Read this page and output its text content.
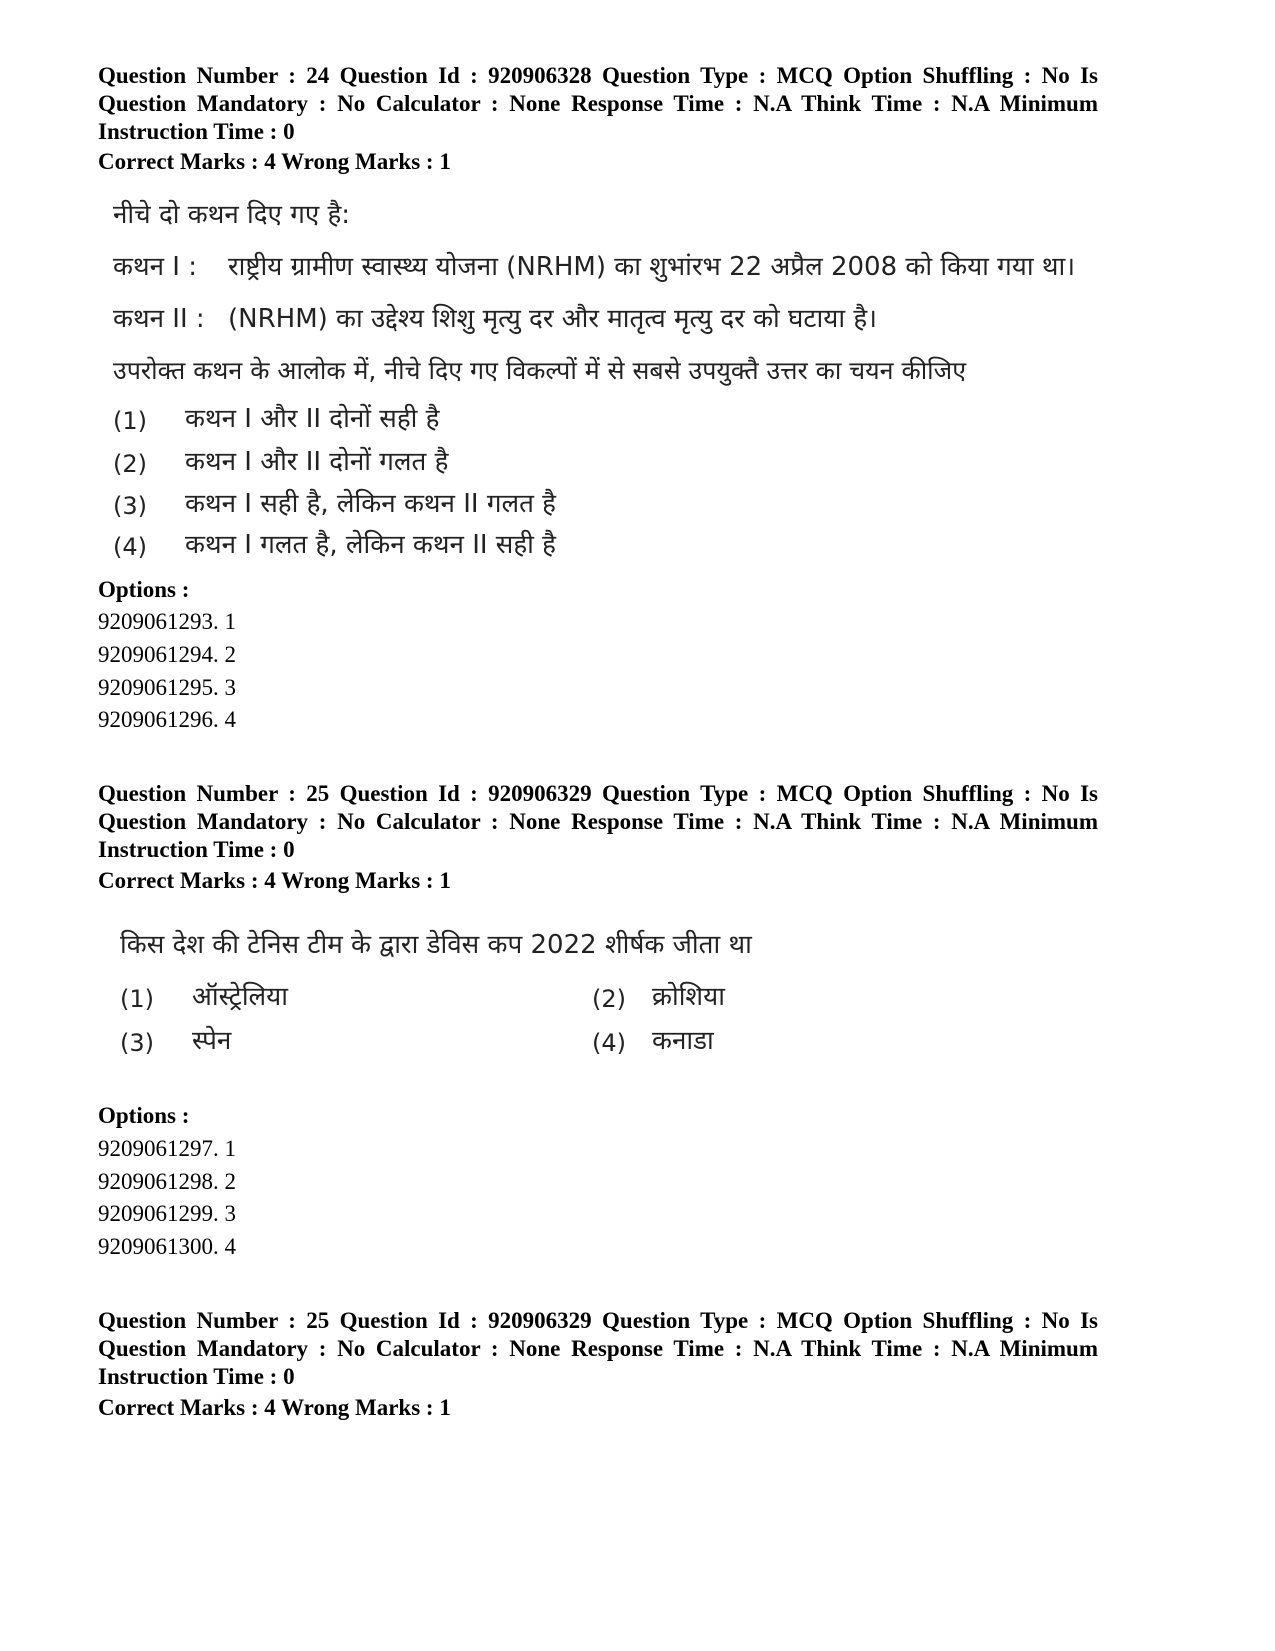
Question Number : 24 Question Id : 920906328 Question Type : MCQ Option Shuffling : No Is Question Mandatory : No Calculator : None Response Time : N.A Think Time : N.A Minimum Instruction Time : 0
Correct Marks : 4 Wrong Marks : 1
नीचे दो कथन दिए गए है:
कथन I : राष्ट्रीय ग्रामीण स्वास्थ्य योजना (NRHM) का शुभांरभ 22 अप्रैल 2008 को किया गया था।
कथन II : (NRHM) का उद्देश्य शिशु मृत्यु दर और मातृत्व मृत्यु दर को घटाया है।
उपरोक्त कथन के आलोक में, नीचे दिए गए विकल्पों में से सबसे उपयुक्तै उत्तर का चयन कीजिए
(1) कथन I और II दोनों सही है
(2) कथन I और II दोनों गलत है
(3) कथन I सही है, लेकिन कथन II गलत है
(4) कथन I गलत है, लेकिन कथन II सही है
Options :
9209061293. 1
9209061294. 2
9209061295. 3
9209061296. 4
Question Number : 25 Question Id : 920906329 Question Type : MCQ Option Shuffling : No Is Question Mandatory : No Calculator : None Response Time : N.A Think Time : N.A Minimum Instruction Time : 0
Correct Marks : 4 Wrong Marks : 1
किस देश की टेनिस टीम के द्वारा डेविस कप 2022 शीर्षक जीता था
(1) ऑस्ट्रेलिया	(2) क्रोशिया
(3) स्पेन	(4) कनाडा
Options :
9209061297. 1
9209061298. 2
9209061299. 3
9209061300. 4
Question Number : 25 Question Id : 920906329 Question Type : MCQ Option Shuffling : No Is Question Mandatory : No Calculator : None Response Time : N.A Think Time : N.A Minimum Instruction Time : 0
Correct Marks : 4 Wrong Marks : 1
